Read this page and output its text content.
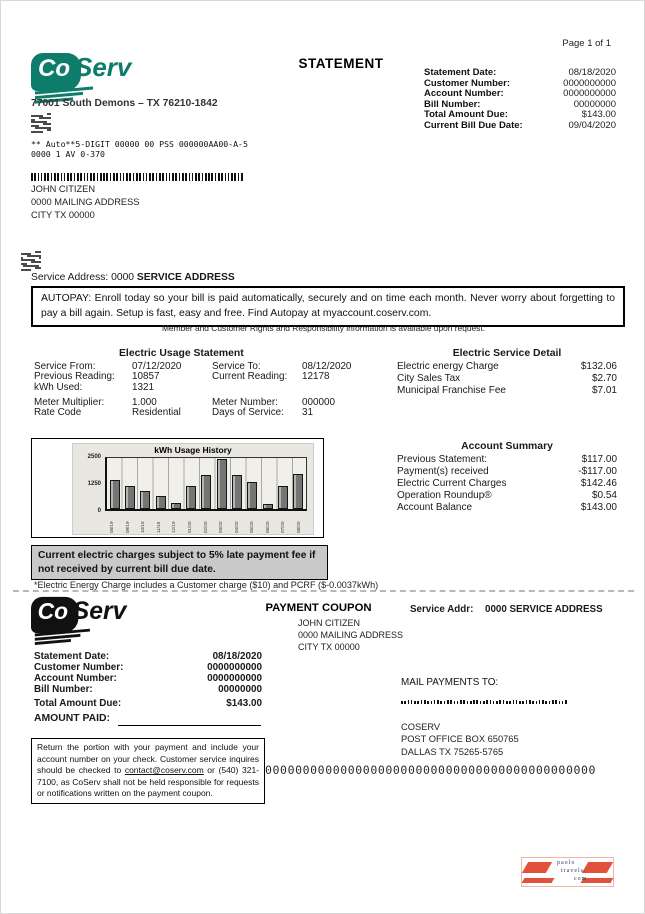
Page 1 of 1
Co Serv	STATEMENT
Statement Date:	08/18/2020
Customer Number:	0000000000
Account Number:	0000000000
Bill Number:	00000000
Total Amount Due:	$143.00
Current Bill Due Date:	09/04/2020
77001 South Demons – TX 76210-1842
** Auto**5-DIGIT 00000 00 PSS 000000AA00-A-5
0000 1 AV 0-370
JOHN CITIZEN
0000 MAILING ADDRESS
CITY TX 00000
Service Address: 0000 SERVICE ADDRESS
AUTOPAY: Enroll today so your bill is paid automatically, securely and on time each month. Never worry about forgetting to pay a bill again. Setup is fast, easy and free. Find Autopay at myaccount.coserv.com.
Member and Customer Rights and Responsibility information is available upon request.
Electric Usage Statement
Service From:	07/12/2020	Service To:	08/12/2020
Previous Reading:	10857	Current Reading:	12178
kWh Used:	1321
Meter Multiplier:	1.000	Meter Number:	000000
Rate Code	Residential	Days of Service:	31
Electric Service Detail
Electric energy Charge	$132.06
City Sales Tax	$2.70
Municipal Franchise Fee	$7.01
Account Summary
Previous Statement:	$117.00
Payment(s) received	-$117.00
Electric Current Charges	$142.46
Operation Roundup®	$0.54
Account Balance	$143.00
kWh Usage History
0
1250
2500
08/19 09/19 10/19 11/19 12/19 01/20 02/20 03/20 04/20 05/20 06/20 07/20 08/20
Current electric charges subject to 5% late payment fee if not received by current bill due date.
*Electric Energy Charge includes a Customer charge ($10) and PCRF ($-0.0037kWh)
Co Serv	PAYMENT COUPON	Service Addr:	0000 SERVICE ADDRESS
JOHN CITIZEN
0000 MAILING ADDRESS
CITY TX 00000
Statement Date:	08/18/2020
Customer Number:	0000000000
Account Number:	0000000000
Bill Number:	00000000
Total Amount Due:	$143.00
AMOUNT PAID:
Return the portion with your payment and include your account number on your check. Customer service inquires should be checked to contact@coserv.com or (540) 321-7100, as CoServ shall not be held responsible for requests or notifications written on the payment coupon.
MAIL PAYMENTS TO:
COSERV
POST OFFICE BOX 650765
DALLAS TX 75265-5765
00000000000000000000000000000000000000000000
paolo
travels.
com
